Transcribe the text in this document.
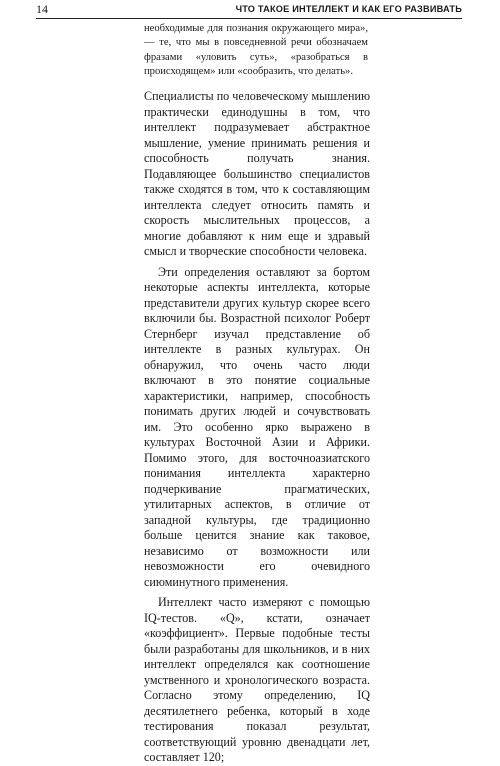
14	ЧТО ТАКОЕ ИНТЕЛЛЕКТ И КАК ЕГО РАЗВИВАТЬ

необходимые для познания окружающего мира», — те, что мы в повседневной речи обозначаем фразами «уловить суть», «разобраться в происходящем» или «сообразить, что делать».

Специалисты по человеческому мышлению практически единодушны в том, что интеллект подразумевает абстрактное мышление, умение принимать решения и способность получать знания. Подавляющее большинство специалистов также сходятся в том, что к составляющим интеллекта следует относить память и скорость мыслительных процессов, а многие добавляют к ним еще и здравый смысл и творческие способности человека.

Эти определения оставляют за бортом некоторые аспекты интеллекта, которые представители других культур скорее всего включили бы. Возрастной психолог Роберт Стернберг изучал представление об интеллекте в разных культурах. Он обнаружил, что очень часто люди включают в это понятие социальные характеристики, например, способность понимать других людей и сочувствовать им. Это особенно ярко выражено в культурах Восточной Азии и Африки. Помимо этого, для восточноазиатского понимания интеллекта характерно подчеркивание прагматических, утилитарных аспектов, в отличие от западной культуры, где традиционно больше ценится знание как таковое, независимо от возможности или невозможности его очевидного сиюминутного применения.

Интеллект часто измеряют с помощью IQ-тестов. «Q», кстати, означает «коэффициент». Первые подобные тесты были разработаны для школьников, и в них интеллект определялся как соотношение умственного и хронологического возраста. Согласно этому определению, IQ десятилетнего ребенка, который в ходе тестирования показал результат, соответствующий уровню двенадцати лет, составляет 120;
